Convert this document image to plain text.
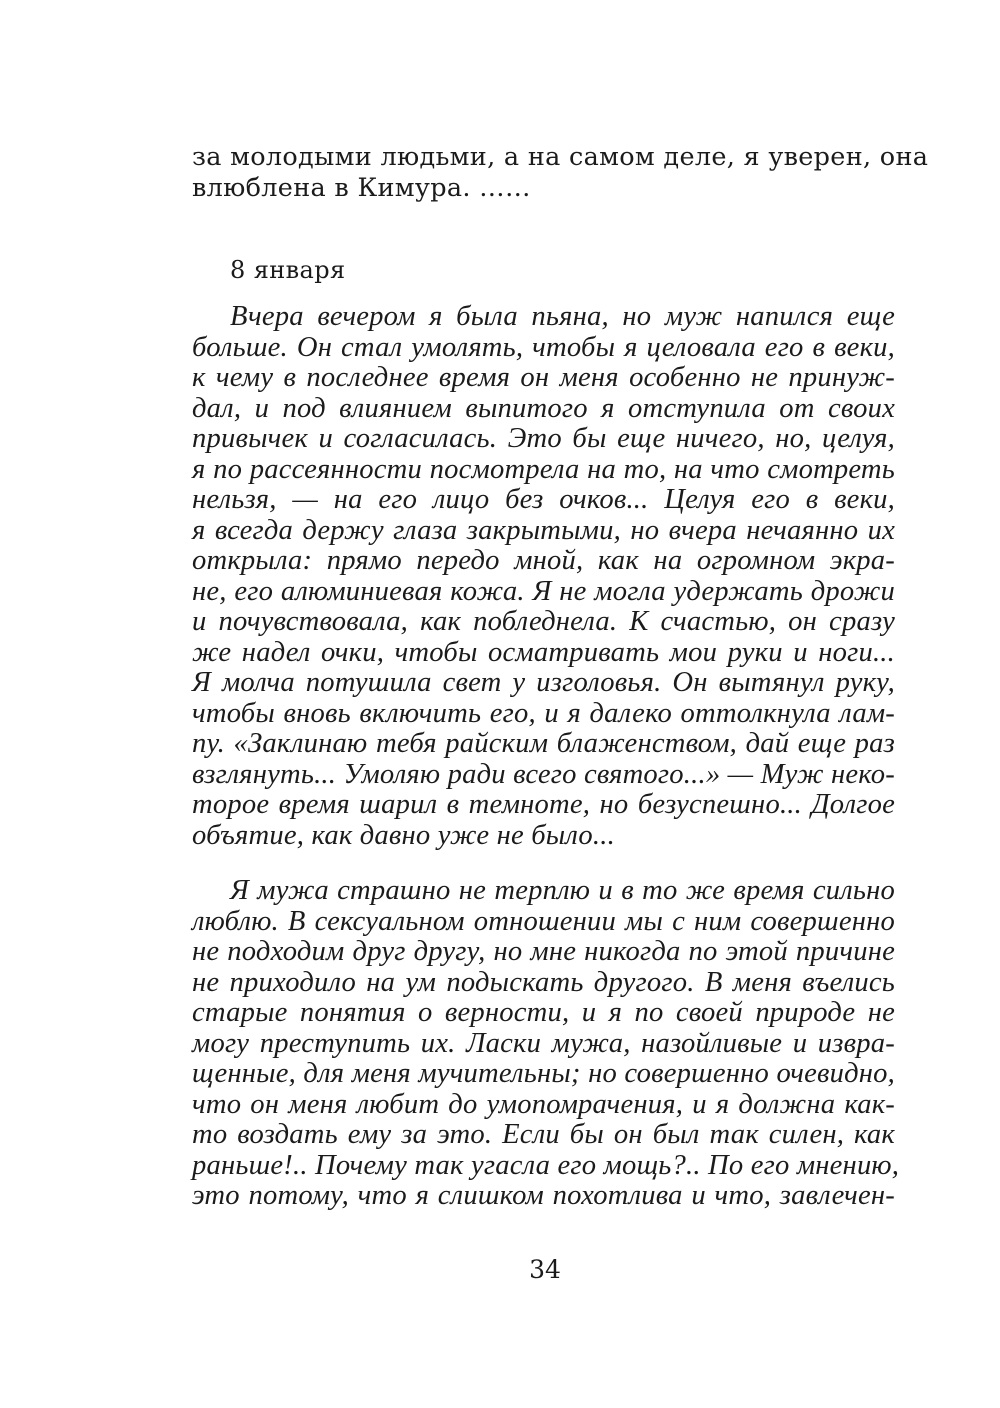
за молодыми людьми, а на самом деле, я уверен, она
влюблена в Кимура. ……
8 января
Вчера вечером я была пьяна, но муж напился еще
больше. Он стал умолять, чтобы я целовала его в веки,
к чему в последнее время он меня особенно не принуж-
дал, и под влиянием выпитого я отступила от своих
привычек и согласилась. Это бы еще ничего, но, целуя,
я по рассеянности посмотрела на то, на что смотреть
нельзя, — на его лицо без очков... Целуя его в веки,
я всегда держу глаза закрытыми, но вчера нечаянно их
открыла: прямо передо мной, как на огромном экра-
не, его алюминиевая кожа. Я не могла удержать дрожи
и почувствовала, как побледнела. К счастью, он сразу
же надел очки, чтобы осматривать мои руки и ноги...
Я молча потушила свет у изголовья. Он вытянул руку,
чтобы вновь включить его, и я далеко оттолкнула лам-
пу. «Заклинаю тебя райским блаженством, дай еще раз
взглянуть... Умоляю ради всего святого...» — Муж неко-
торое время шарил в темноте, но безуспешно... Долгое
объятие, как давно уже не было...
Я мужа страшно не терплю и в то же время сильно
люблю. В сексуальном отношении мы с ним совершенно
не подходим друг другу, но мне никогда по этой причине
не приходило на ум подыскать другого. В меня въелись
старые понятия о верности, и я по своей природе не
могу преступить их. Ласки мужа, назойливые и извра-
щенные, для меня мучительны; но совершенно очевидно,
что он меня любит до умопомрачения, и я должна как-
то воздать ему за это. Если бы он был так силен, как
раньше!.. Почему так угасла его мощь?.. По его мнению,
это потому, что я слишком похотлива и что, завлечен-
34
